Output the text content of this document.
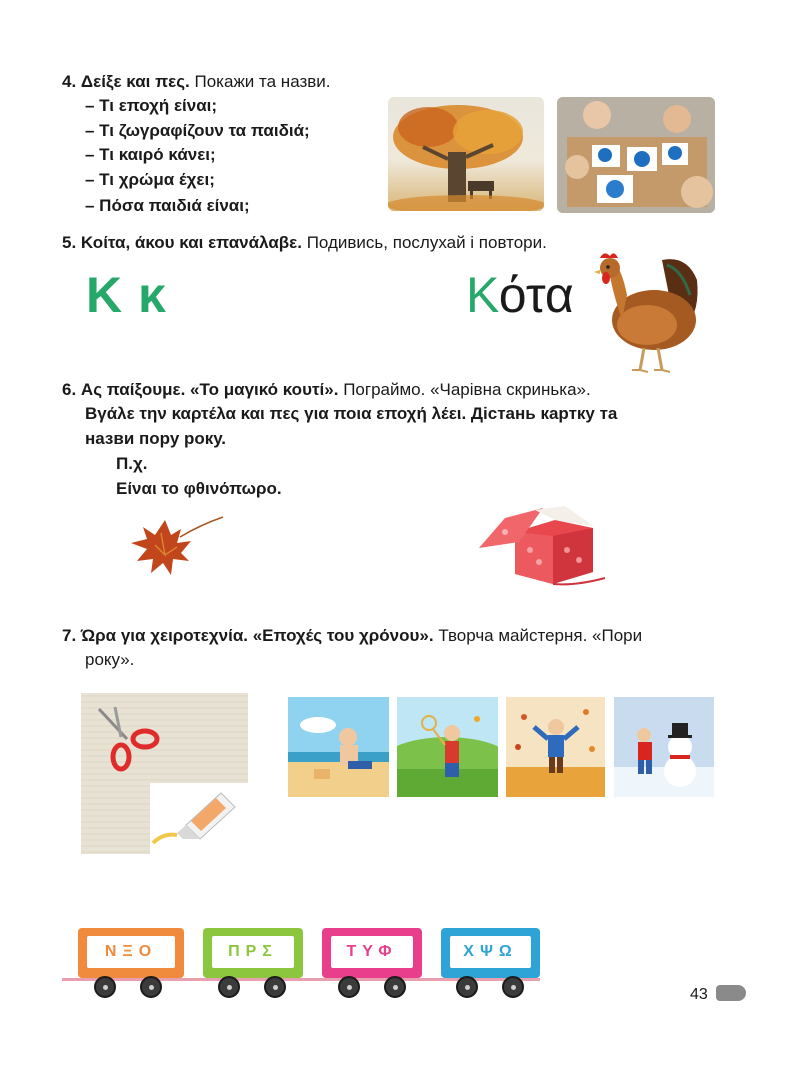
4. Δείξε και πες. Покажи та назви.
– Τι εποχή είναι;
– Τι ζωγραφίζουν τα παιδιά;
– Τι καιρό κάνει;
– Τι χρώμα έχει;
– Πόσα παιδιά είναι;
5. Κοίτα, άκου και επανάλαβε. Подивись, послухай і повтори.
Κ κ	Κότα
6. Ας παίξουμε. «Το μαγικό κουτί». Пограймо. «Чарівна скринька».
Βγάλε την καρτέλα και πες για ποια εποχή λέει. Дістань картку та
назви пору року.
Π.χ.
Είναι το φθινόπωρο.
7. Ώρα για χειροτεχνία. «Εποχές του χρόνου». Творча майстерня. «Пори
року».
ΝΞΟ	ΠΡΣ	ΤΥΦ	ΧΨΩ
43
